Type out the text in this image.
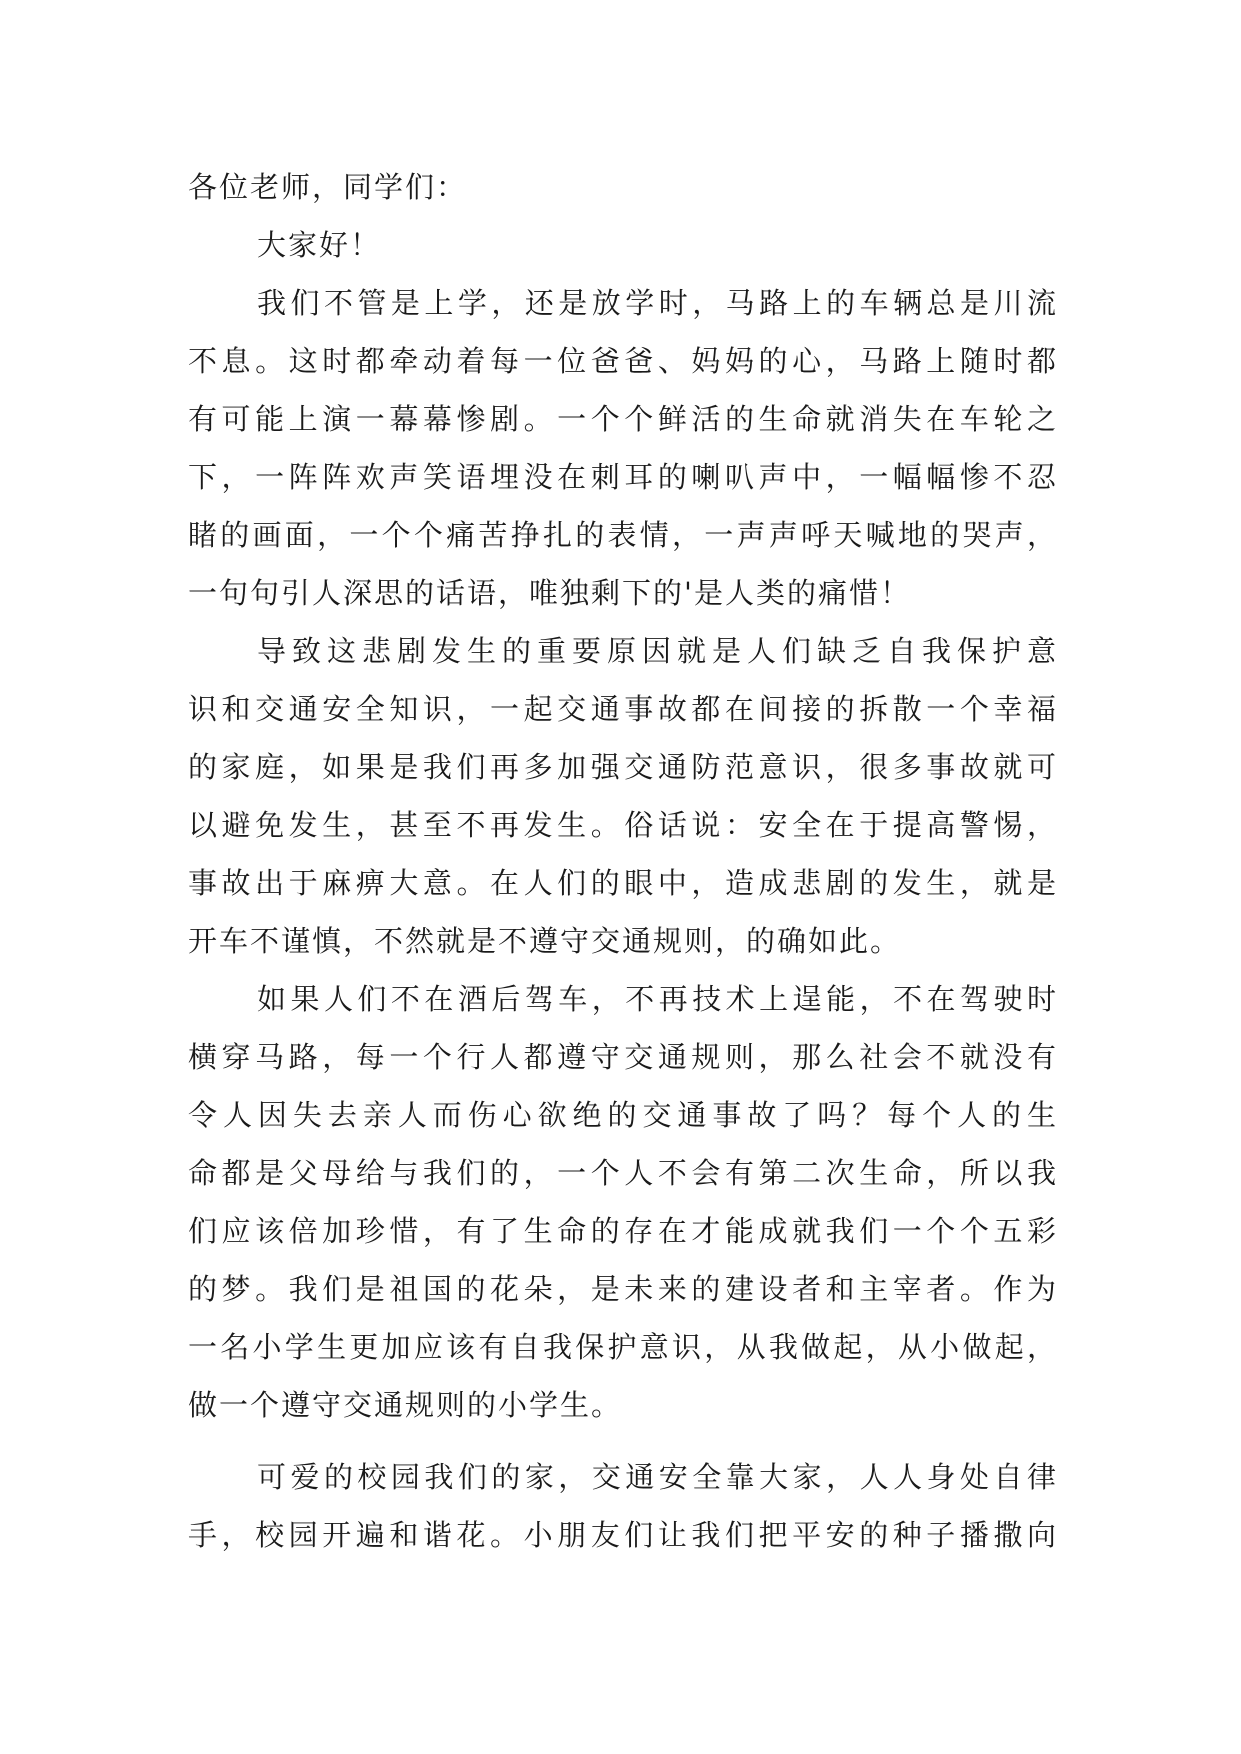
各位老师，同学们：
大家好！
我们不管是上学，还是放学时，马路上的车辆总是川流
不息。这时都牵动着每一位爸爸、妈妈的心，马路上随时都
有可能上演一幕幕惨剧。一个个鲜活的生命就消失在车轮之
下，一阵阵欢声笑语埋没在刺耳的喇叭声中，一幅幅惨不忍
睹的画面，一个个痛苦挣扎的表情，一声声呼天喊地的哭声，
一句句引人深思的话语，唯独剩下的'是人类的痛惜！
导致这悲剧发生的重要原因就是人们缺乏自我保护意
识和交通安全知识，一起交通事故都在间接的拆散一个幸福
的家庭，如果是我们再多加强交通防范意识，很多事故就可
以避免发生，甚至不再发生。俗话说：安全在于提高警惕，
事故出于麻痹大意。在人们的眼中，造成悲剧的发生，就是
开车不谨慎，不然就是不遵守交通规则，的确如此。
如果人们不在酒后驾车，不再技术上逞能，不在驾驶时
横穿马路，每一个行人都遵守交通规则，那么社会不就没有
令人因失去亲人而伤心欲绝的交通事故了吗？每个人的生
命都是父母给与我们的，一个人不会有第二次生命，所以我
们应该倍加珍惜，有了生命的存在才能成就我们一个个五彩
的梦。我们是祖国的花朵，是未来的建设者和主宰者。作为
一名小学生更加应该有自我保护意识，从我做起，从小做起，
做一个遵守交通规则的小学生。
可爱的校园我们的家，交通安全靠大家，人人身处自律
手，校园开遍和谐花。小朋友们让我们把平安的种子播撒向
